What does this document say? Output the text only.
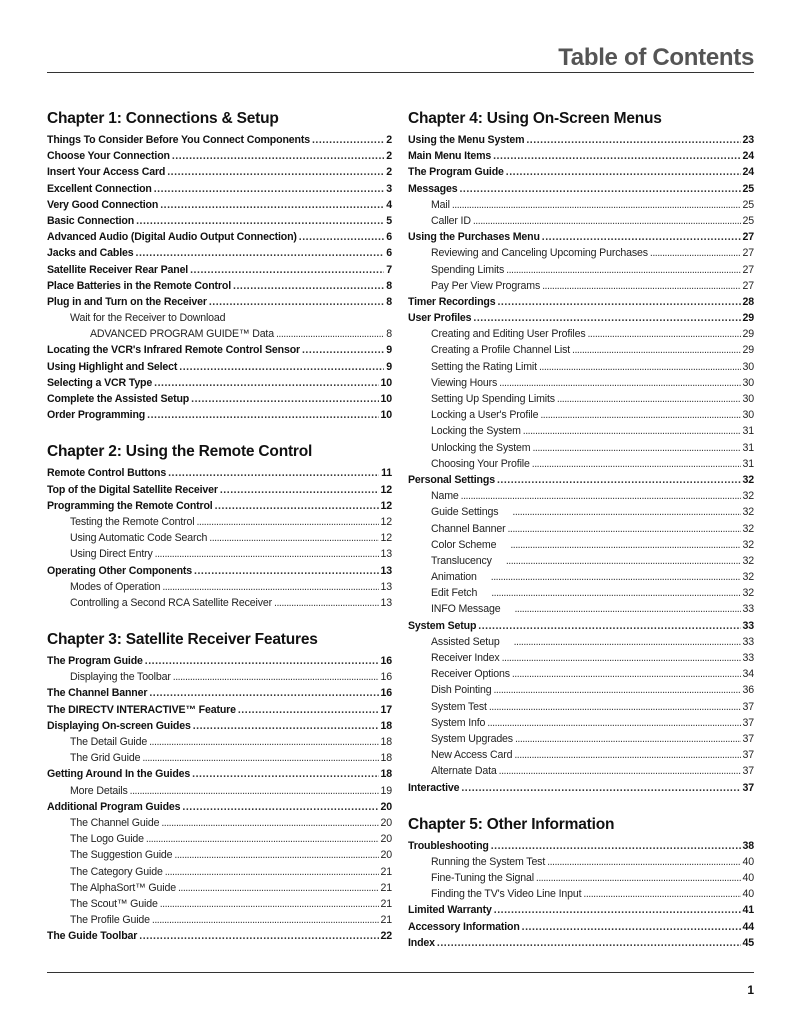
Table of Contents
Chapter 1: Connections & Setup
Things To Consider Before You Connect Components .....	2
Choose Your Connection .....	2
Insert Your Access Card .....	2
Excellent Connection .....	3
Very Good Connection .....	4
Basic Connection .....	5
Advanced Audio (Digital Audio Output Connection) .....	6
Jacks and Cables .....	6
Satellite Receiver Rear Panel .....	7
Place Batteries in the Remote Control .....	8
Plug in and Turn on the Receiver .....	8
Wait for the Receiver to Download
ADVANCED PROGRAM GUIDE™ Data .....	8
Locating the VCR's Infrared Remote Control Sensor .....	9
Using Highlight and Select .....	9
Selecting a VCR Type .....	10
Complete the Assisted Setup .....	10
Order Programming .....	10
Chapter 2: Using the Remote Control
Remote Control Buttons .....	11
Top of the Digital Satellite Receiver .....	12
Programming the Remote Control .....	12
Testing the Remote Control .....	12
Using Automatic Code Search .....	12
Using Direct Entry .....	13
Operating Other Components .....	13
Modes of Operation .....	13
Controlling a Second RCA Satellite Receiver .....	13
Chapter 3: Satellite Receiver Features
The Program Guide .....	16
Displaying the Toolbar .....	16
The Channel Banner .....	16
The DIRECTV INTERACTIVE™ Feature .....	17
Displaying On-screen Guides .....	18
The Detail Guide .....	18
The Grid Guide .....	18
Getting Around In the Guides .....	18
More Details .....	19
Additional Program Guides .....	20
The Channel Guide .....	20
The Logo Guide .....	20
The Suggestion Guide .....	20
The Category Guide .....	21
The AlphaSort™ Guide .....	21
The Scout™ Guide .....	21
The Profile Guide .....	21
The Guide Toolbar .....	22
Chapter 4: Using On-Screen Menus
Using the Menu System .....	23
Main Menu Items .....	24
The Program Guide .....	24
Messages .....	25
Mail .....	25
Caller ID .....	25
Using the Purchases Menu .....	27
Reviewing and Canceling Upcoming Purchases .....	27
Spending Limits .....	27
Pay Per View Programs .....	27
Timer Recordings .....	28
User Profiles .....	29
Creating and Editing User Profiles .....	29
Creating a Profile Channel List .....	29
Setting the Rating Limit .....	30
Viewing Hours .....	30
Setting Up Spending Limits .....	30
Locking a User's Profile .....	30
Locking the System .....	31
Unlocking the System .....	31
Choosing Your Profile .....	31
Personal Settings .....	32
Name .....	32
Guide Settings .....	32
Channel Banner .....	32
Color Scheme .....	32
Translucency .....	32
Animation .....	32
Edit Fetch .....	32
INFO Message .....	33
System Setup .....	33
Assisted Setup .....	33
Receiver Index .....	33
Receiver Options .....	34
Dish Pointing .....	36
System Test .....	37
System Info .....	37
System Upgrades .....	37
New Access Card .....	37
Alternate Data .....	37
Interactive .....	37
Chapter 5: Other Information
Troubleshooting .....	38
Running the System Test .....	40
Fine-Tuning the Signal .....	40
Finding the TV's Video Line Input .....	40
Limited Warranty .....	41
Accessory Information .....	44
Index .....	45
1
